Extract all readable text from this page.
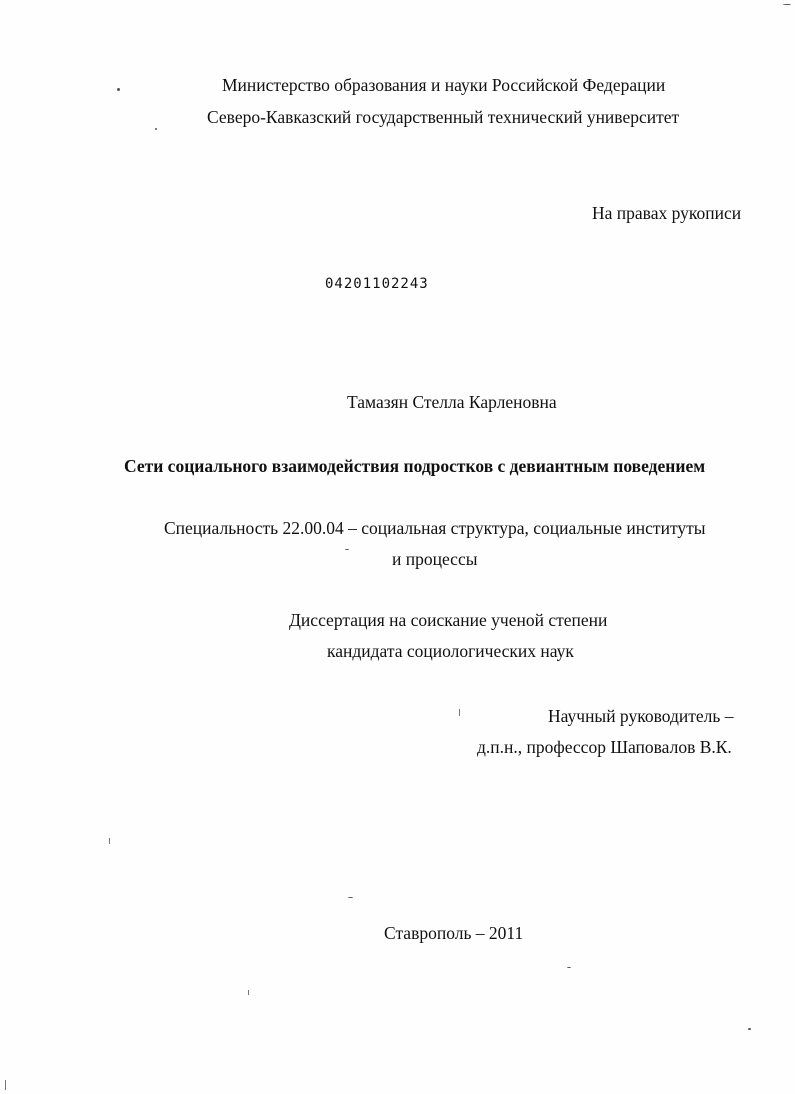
Министерство образования и науки Российской Федерации
Северо-Кавказский государственный технический университет
На правах рукописи
04201102243
Тамазян Стелла Карленовна
Сети социального взаимодействия подростков с девиантным поведением
Специальность 22.00.04 – социальная структура, социальные институты
и процессы
Диссертация на соискание ученой степени
кандидата социологических наук
Научный руководитель –
д.п.н., профессор Шаповалов В.К.
Ставрополь – 2011
